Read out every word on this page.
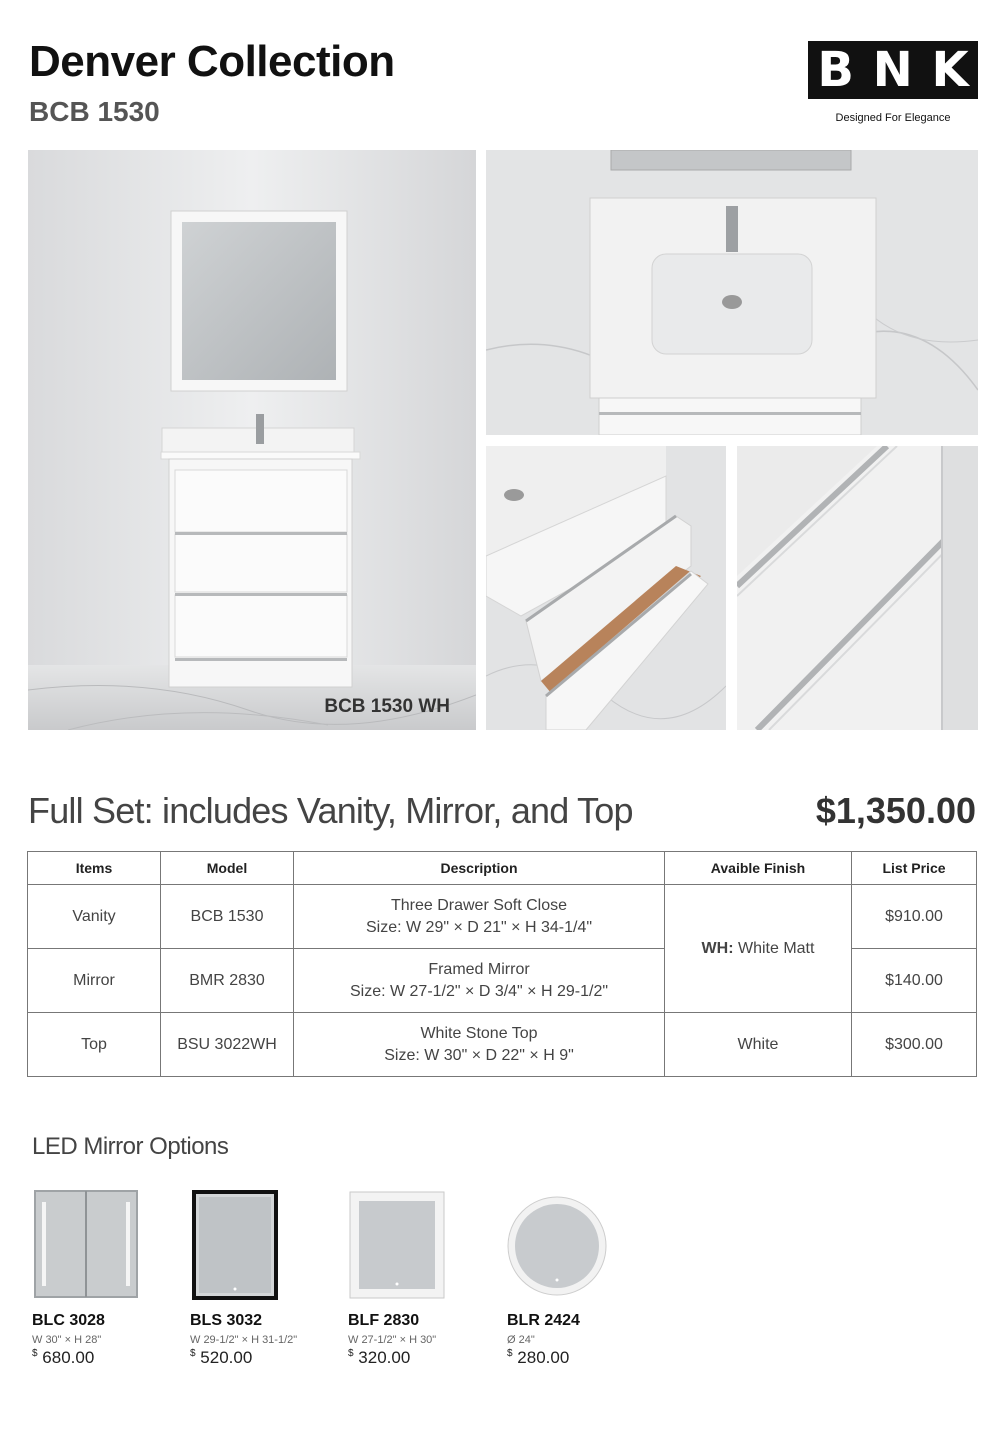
Denver Collection
BCB 1530
B N K
Designed For Elegance
BCB 1530 WH
Full Set: includes Vanity, Mirror, and Top	$1,350.00
Items	Model	Description	Avaible Finish	List Price
Vanity	BCB 1530	Three Drawer Soft Close
Size: W 29" × D 21" × H 34-1/4"	WH: White Matt	$910.00
Mirror	BMR 2830	Framed Mirror
Size: W 27-1/2" × D 3/4" × H 29-1/2"		$140.00
Top	BSU 3022WH	White Stone Top
Size: W 30" × D 22" × H 9"	White	$300.00
LED Mirror Options
BLC 3028
W 30" × H 28"
$ 680.00
BLS 3032
W 29-1/2" × H 31-1/2"
$ 520.00
BLF 2830
W 27-1/2" × H 30"
$ 320.00
BLR 2424
Ø 24"
$ 280.00
